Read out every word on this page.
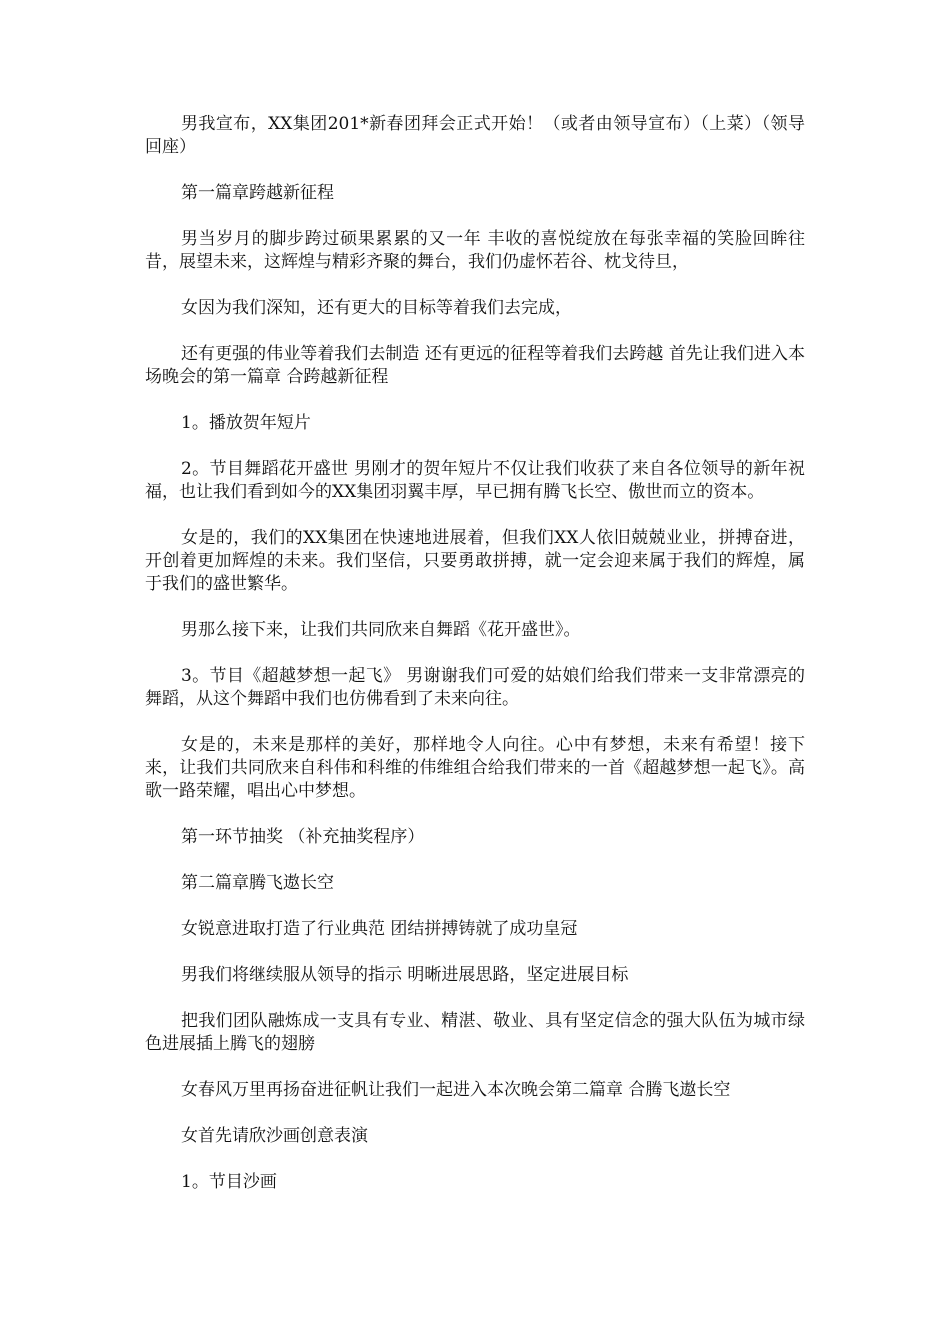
男我宣布，XX集团201*新春团拜会正式开始！（或者由领导宣布）（上菜）（领导回座）

第一篇章跨越新征程

男当岁月的脚步跨过硕果累累的又一年 丰收的喜悦绽放在每张幸福的笑脸回眸往昔，展望未来，这辉煌与精彩齐聚的舞台，我们仍虚怀若谷、枕戈待旦，

女因为我们深知，还有更大的目标等着我们去完成，

还有更强的伟业等着我们去制造 还有更远的征程等着我们去跨越 首先让我们进入本场晚会的第一篇章 合跨越新征程

1。播放贺年短片

2。节目舞蹈花开盛世 男刚才的贺年短片不仅让我们收获了来自各位领导的新年祝福，也让我们看到如今的XX集团羽翼丰厚，早已拥有腾飞长空、傲世而立的资本。

女是的，我们的XX集团在快速地进展着，但我们XX人依旧兢兢业业，拼搏奋进，开创着更加辉煌的未来。我们坚信，只要勇敢拼搏，就一定会迎来属于我们的辉煌，属于我们的盛世繁华。

男那么接下来，让我们共同欣来自舞蹈《花开盛世》。

3。节目《超越梦想一起飞》 男谢谢我们可爱的姑娘们给我们带来一支非常漂亮的舞蹈，从这个舞蹈中我们也仿佛看到了未来向往。

女是的，未来是那样的美好，那样地令人向往。心中有梦想，未来有希望！接下来，让我们共同欣来自科伟和科维的伟维组合给我们带来的一首《超越梦想一起飞》。高歌一路荣耀，唱出心中梦想。

第一环节抽奖 （补充抽奖程序）

第二篇章腾飞遨长空

女锐意进取打造了行业典范 团结拼搏铸就了成功皇冠

男我们将继续服从领导的指示 明晰进展思路，坚定进展目标

把我们团队融炼成一支具有专业、精湛、敬业、具有坚定信念的强大队伍为城市绿色进展插上腾飞的翅膀

女春风万里再扬奋进征帆让我们一起进入本次晚会第二篇章 合腾飞遨长空

女首先请欣沙画创意表演

1。节目沙画
